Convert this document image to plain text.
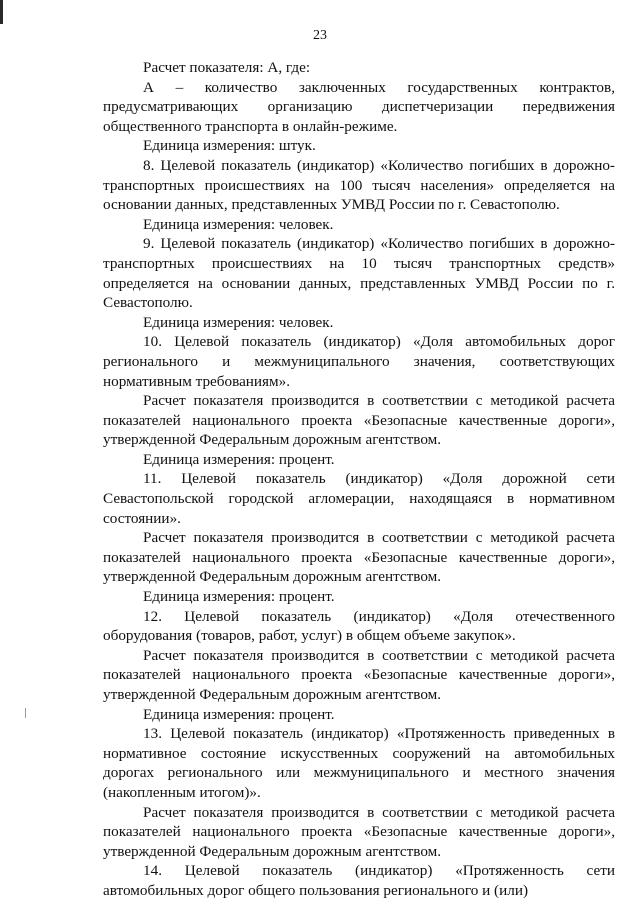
23

Расчет показателя: А, где:

А – количество заключенных государственных контрактов, предусматривающих организацию диспетчеризации передвижения общественного транспорта в онлайн-режиме.

Единица измерения: штук.

8. Целевой показатель (индикатор) «Количество погибших в дорожно-транспортных происшествиях на 100 тысяч населения» определяется на основании данных, представленных УМВД России по г. Севастополю.

Единица измерения: человек.

9. Целевой показатель (индикатор) «Количество погибших в дорожно-транспортных происшествиях на 10 тысяч транспортных средств» определяется на основании данных, представленных УМВД России по г. Севастополю.

Единица измерения: человек.

10. Целевой показатель (индикатор) «Доля автомобильных дорог регионального и межмуниципального значения, соответствующих нормативным требованиям».

Расчет показателя производится в соответствии с методикой расчета показателей национального проекта «Безопасные качественные дороги», утвержденной Федеральным дорожным агентством.

Единица измерения: процент.

11. Целевой показатель (индикатор) «Доля дорожной сети Севастопольской городской агломерации, находящаяся в нормативном состоянии».

Расчет показателя производится в соответствии с методикой расчета показателей национального проекта «Безопасные качественные дороги», утвержденной Федеральным дорожным агентством.

Единица измерения: процент.

12. Целевой показатель (индикатор) «Доля отечественного оборудования (товаров, работ, услуг) в общем объеме закупок».

Расчет показателя производится в соответствии с методикой расчета показателей национального проекта «Безопасные качественные дороги», утвержденной Федеральным дорожным агентством.

Единица измерения: процент.

13. Целевой показатель (индикатор) «Протяженность приведенных в нормативное состояние искусственных сооружений на автомобильных дорогах регионального или межмуниципального и местного значения (накопленным итогом)».

Расчет показателя производится в соответствии с методикой расчета показателей национального проекта «Безопасные качественные дороги», утвержденной Федеральным дорожным агентством.

14. Целевой показатель (индикатор) «Протяженность сети автомобильных дорог общего пользования регионального и (или)
